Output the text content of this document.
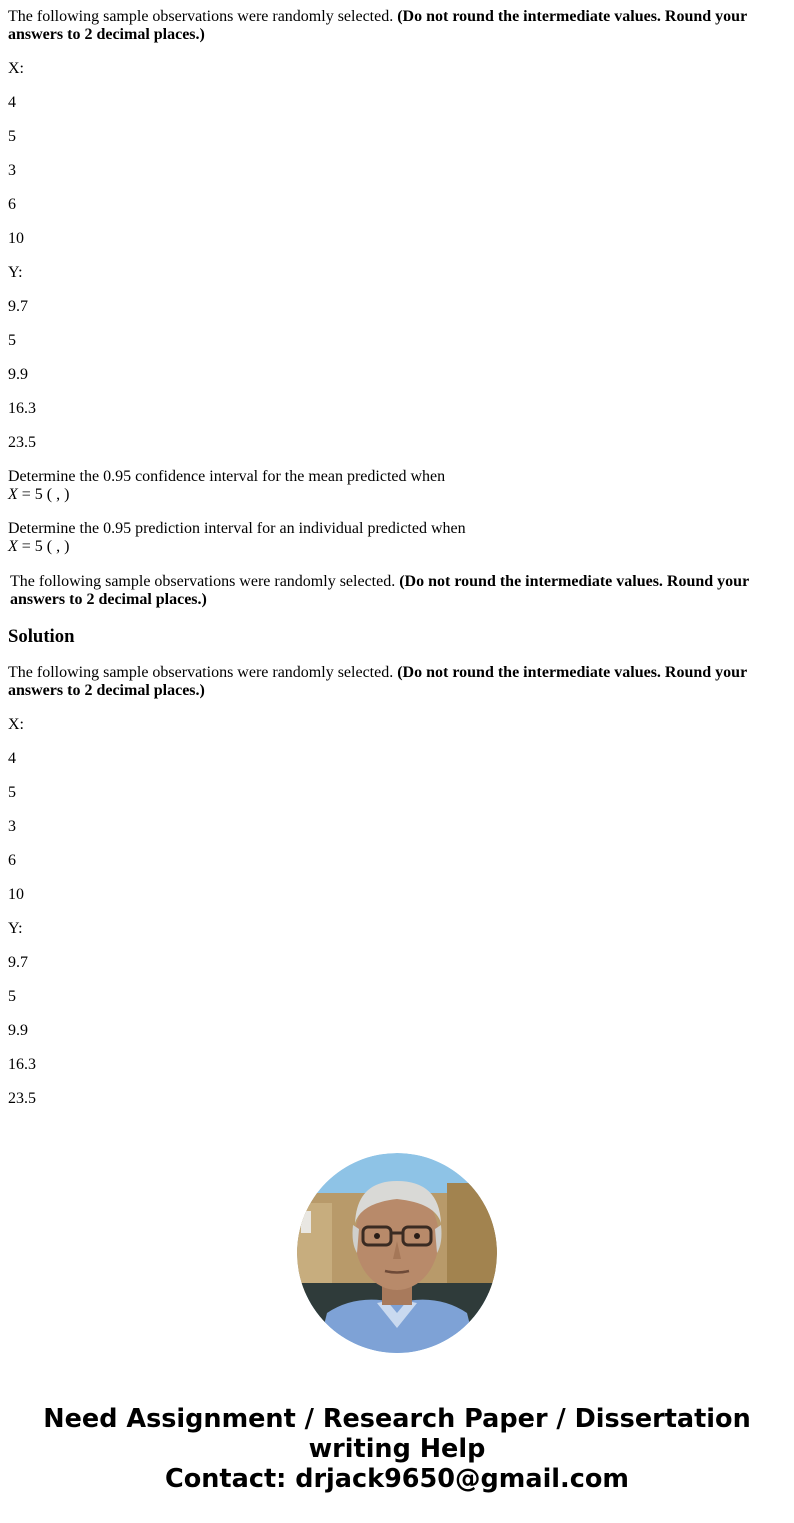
The following sample observations were randomly selected. (Do not round the intermediate values. Round your answers to 2 decimal places.)

X:

4

5

3

6

10

Y:

9.7

5

9.9

16.3

23.5

Determine the 0.95 confidence interval for the mean predicted when
X = 5 ( , )

Determine the 0.95 prediction interval for an individual predicted when
X = 5 ( , )

The following sample observations were randomly selected. (Do not round the intermediate values. Round your answers to 2 decimal places.)

Solution

The following sample observations were randomly selected. (Do not round the intermediate values. Round your answers to 2 decimal places.)

X:

4

5

3

6

10

Y:

9.7

5

9.9

16.3

23.5

Need Assignment / Research Paper / Dissertation
writing Help
Contact: drjack9650@gmail.com
